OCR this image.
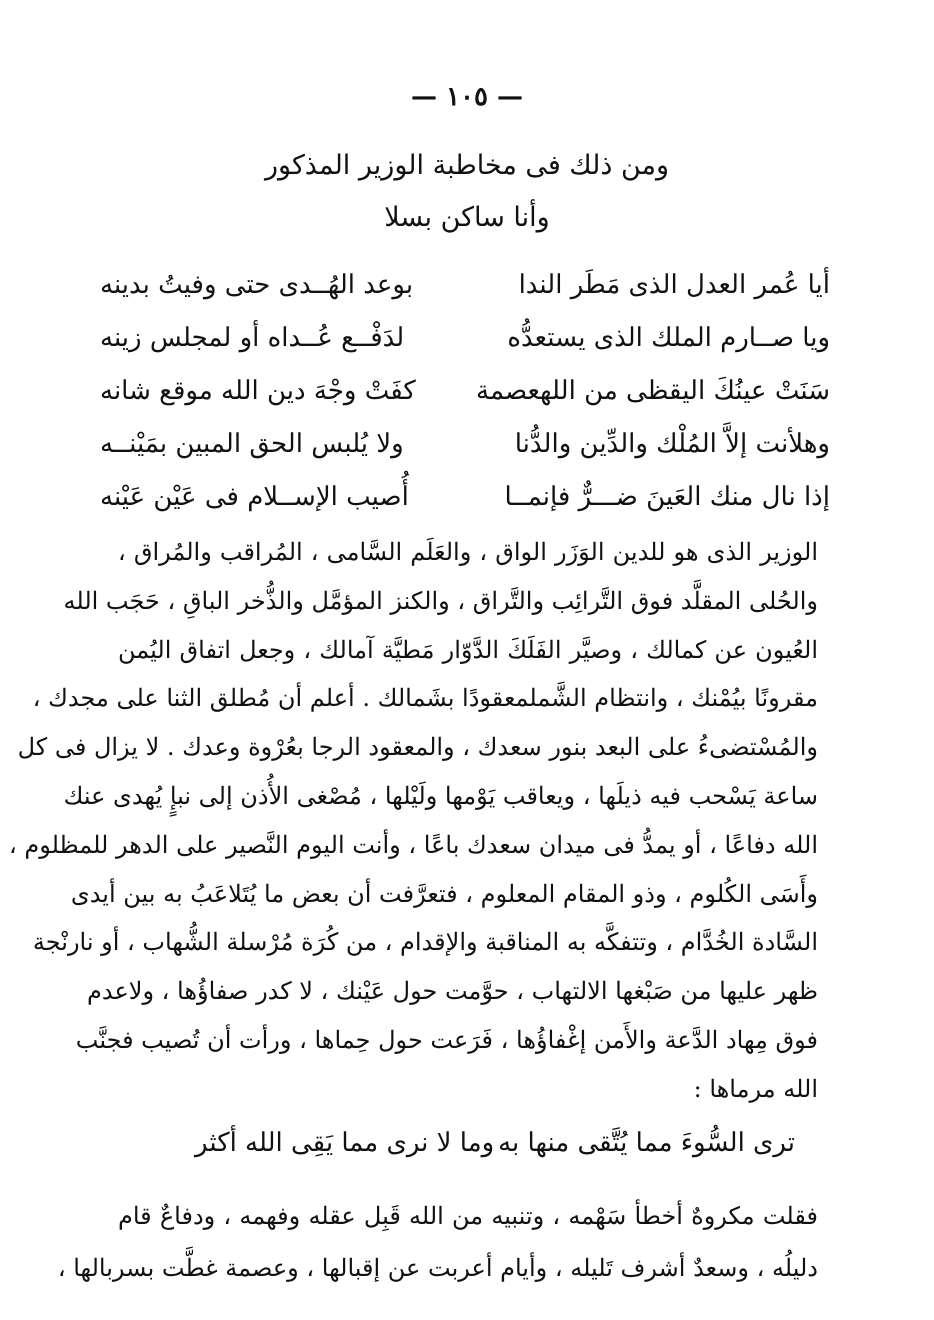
— ١٠٥ —
ومن ذلك فى مخاطبة الوزير المذكور
وأنا ساكن بسلا
أيا عُمر العدل الذى مَطَر الندا
بوعد الهُــدى حتى وفيتُ بدينه
ويا صــارم الملك الذى يستعدُّه
لدَفْــع عُــداه أو لمجلس زينه
سَنَتْ عينُكَ اليقظى من اللهعصمة
كفَتْ وجْهَ دين الله موقع شانه
وهلأنت إلاَّ المُلْك والدِّين والدُّنا
ولا يُلبس الحق المبين بمَيْنــه
إذا نال منك العَينَ ضـــرٌّ فإنمــا
أُصيب الإســلام فى عَيْن عَيْنه
الوزير الذى هو للدين الوَزَر الواق ، والعَلَم السَّامى ، المُراقب والمُراق ،
والحُلى المقلَّد فوق التَّرائِب والتَّراق ، والكنز المؤمَّل والذُّخر الباقِ ، حَجَب الله
العُيون عن كمالك ، وصيَّر الفَلَكَ الدَّوّار مَطيَّة آمالك ، وجعل اتفاق اليُمن
مقرونًا بيُمْنك ، وانتظام الشَّملمعقودًا بشَمالك . أعلم أن مُطلق الثنا على مجدك ،
والمُسْتضىءُ على البعد بنور سعدك ، والمعقود الرجا بعُرْوة وعدك . لا يزال فى كل
ساعة يَسْحب فيه ذيلَها ، ويعاقب يَوْمها ولَيْلها ، مُصْغى الأُذن إلى نبإٍ يُهدى عنك
الله دفاعًا ، أو يمدُّ فى ميدان سعدك باعًا ، وأنت اليوم النَّصير على الدهر للمظلوم ،
وأَسَى الكُلوم ، وذو المقام المعلوم ، فتعرَّفت أن بعض ما يُتَلاعَبُ به بين أيدى
السَّادة الخُدَّام ، وتتفكَّه به المناقبة والإقدام ، من كُرَة مُرْسلة الشُّهاب ، أو نارنْجة
ظهر عليها من صَبْغها الالتهاب ، حوَّمت حول عَيْنك ، لا كدر صفاؤُها ، ولاعدم
فوق مِهاد الدَّعة والأَمن إغْفاؤُها ، فَرَعت حول حِماها ، ورأت أن تُصيب فجنَّب
الله مرماها :
ترى السُّوءَ مما يُتَّقى منها به
وما لا نرى مما يَقِى الله أكثر
فقلت مكروهٌ أخطأ سَهْمه ، وتنبيه من الله قَبِل عقله وفهمه ، ودفاعٌ قام
دليلُه ، وسعدٌ أشرف تَليله ، وأيام أعربت عن إقبالها ، وعصمة غطَّت بسربالها ،
